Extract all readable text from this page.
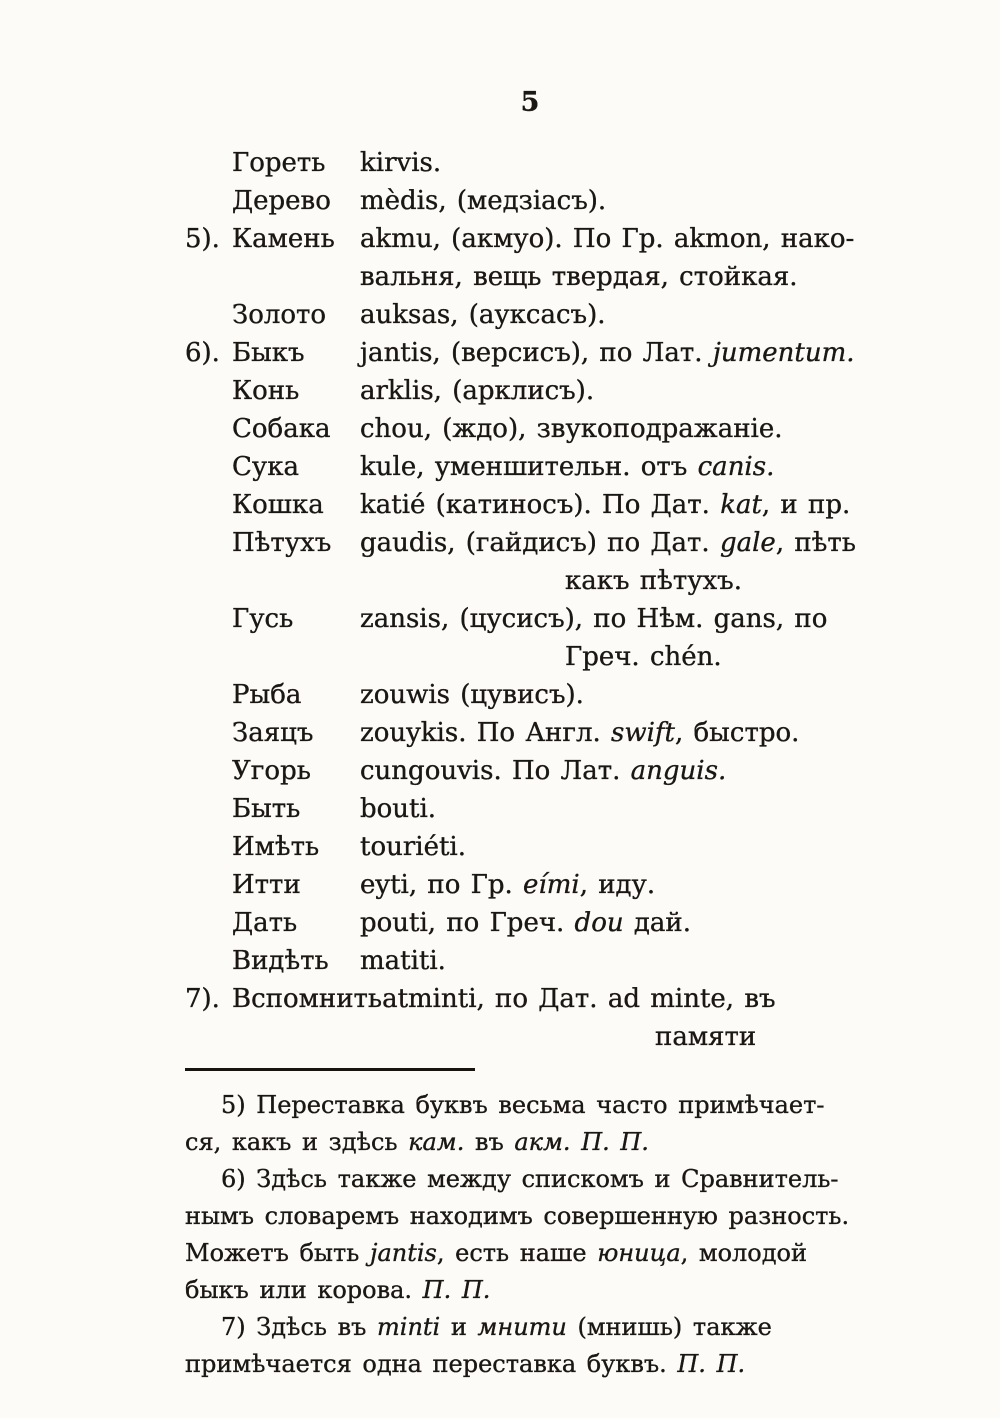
5
Гореть	kirvis.
Дерево	mèdis, (медзіасъ).
5). Камень akmu, (акмуо). По Гр. akmon, нако-
вальня, вещь твердая, стойкая.
Золото	auksas, (ауксасъ).
6). Быкъ	jantis, (версисъ), по Лат. jumentum.
Конь	arklis, (арклисъ).
Собака	chou, (ждо), звукоподражаніе.
Сука	kule, уменшительн. отъ canis.
Кошка	katié (катиносъ). По Дат. kat, и пр.
Пѣтухъ	gaudis, (гайдисъ) по Дат. gale, пѣть
какъ пѣтухъ.
Гусь	zansis, (цусисъ), по Нѣм. gans, по
Греч. chén.
Рыба	zouwis (цувисъ).
Заяцъ	zouykis. По Англ. swift, быстро.
Угорь	cungouvis. По Лат. anguis.
Быть	bouti.
Имѣть	touriéti.
Итти	eyti, по Гр. eími, иду.
Дать	pouti, по Греч. dou дай.
Видѣть	matiti.
7). Вспомнить atminti, по Дат. ad minte, въ
памяти
5) Переставка буквъ весьма часто примѣчает-
ся, какъ и здѣсь кам. въ акм. П. П.
6) Здѣсь также между спискомъ и Сравнитель-
нымъ словаремъ находимъ совершенную разность.
Можетъ быть jantis, есть наше юница, молодой
быкъ или корова. П. П.
7) Здѣсь въ minti и мнити (мнишь) также
примѣчается одна переставка буквъ. П. П.
